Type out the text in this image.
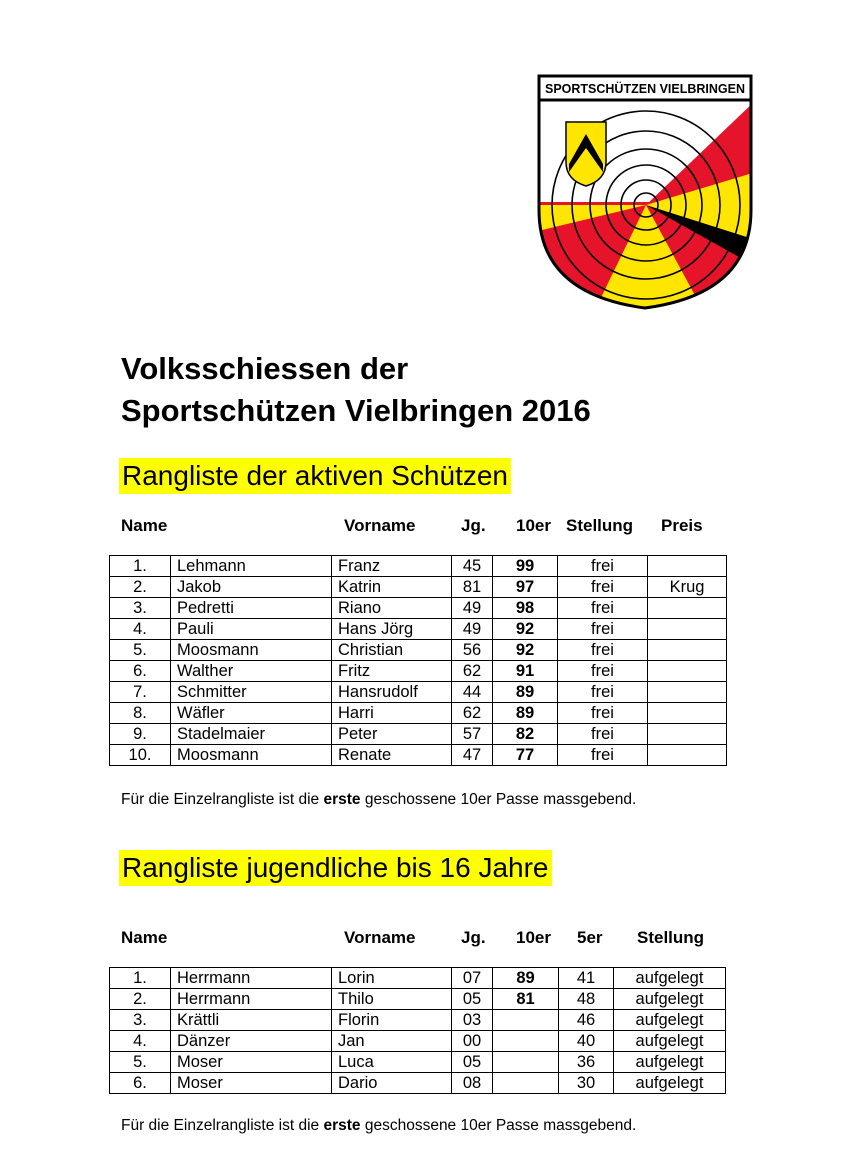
SPORTSCHÜTZEN VIELBRINGEN
Volksschiessen der
Sportschützen Vielbringen 2016
Rangliste der aktiven Schützen
Name	Vorname	Jg. 10er Stellung Preis
1.	Lehmann	Franz	45	99	frei	
2.	Jakob	Katrin	81	97	frei	Krug
3.	Pedretti	Riano	49	98	frei	
4.	Pauli	Hans Jörg	49	92	frei	
5.	Moosmann	Christian	56	92	frei	
6.	Walther	Fritz	62	91	frei	
7.	Schmitter	Hansrudolf	44	89	frei	
8.	Wäfler	Harri	62	89	frei	
9.	Stadelmaier	Peter	57	82	frei	
10.	Moosmann	Renate	47	77	frei	

Für die Einzelrangliste ist die erste geschossene 10er Passe massgebend.

Rangliste jugendliche bis 16 Jahre
Name	Vorname	Jg. 10er 5er Stellung
1.	Herrmann	Lorin	07	89	41	aufgelegt
2.	Herrmann	Thilo	05	81	48	aufgelegt
3.	Krättli	Florin	03		46	aufgelegt
4.	Dänzer	Jan	00		40	aufgelegt
5.	Moser	Luca	05		36	aufgelegt
6.	Moser	Dario	08		30	aufgelegt

Für die Einzelrangliste ist die erste geschossene 10er Passe massgebend.
